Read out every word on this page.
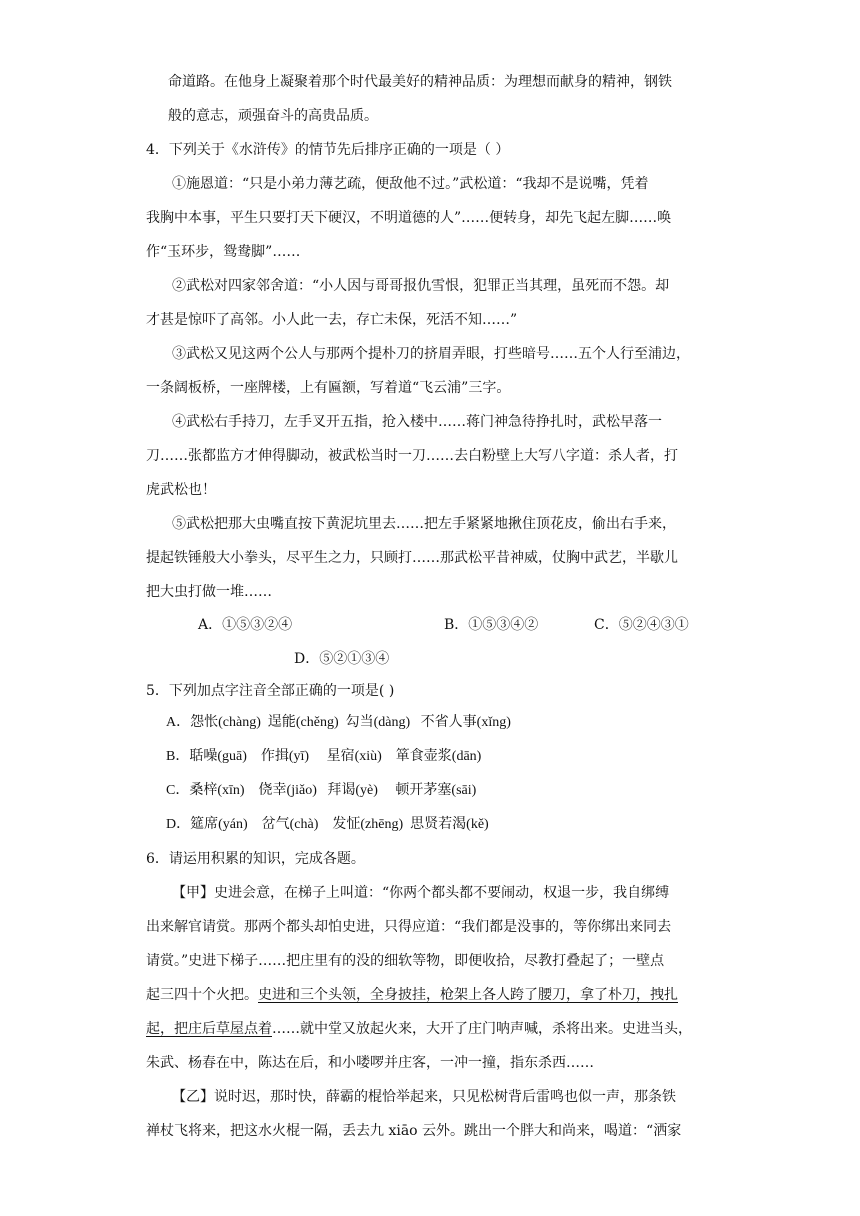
命道路。在他身上凝聚着那个时代最美好的精神品质：为理想而献身的精神，钢铁
般的意志，顽强奋斗的高贵品质。
4．下列关于《水浒传》的情节先后排序正确的一项是（ ）
①施恩道：“只是小弟力薄艺疏，便敌他不过。”武松道：“我却不是说嘴，凭着
我胸中本事，平生只要打天下硬汉，不明道德的人”……便转身，却先飞起左脚……唤
作“玉环步，鸳鸯脚”……
②武松对四家邻舍道：“小人因与哥哥报仇雪恨，犯罪正当其理，虽死而不怨。却
才甚是惊吓了高邻。小人此一去，存亡未保，死活不知……”
③武松又见这两个公人与那两个提朴刀的挤眉弄眼，打些暗号……五个人行至浦边，
一条阔板桥，一座牌楼，上有匾额，写着道“飞云浦”三字。
④武松右手持刀，左手叉开五指，抢入楼中……蒋门神急待挣扎时，武松早落一
刀……张都监方才伸得脚动，被武松当时一刀……去白粉壁上大写八字道：杀人者，打
虎武松也！
⑤武松把那大虫嘴直按下黄泥坑里去……把左手紧紧地揪住顶花皮，偷出右手来，
提起铁锤般大小拳头，尽平生之力，只顾打……那武松平昔神威，仗胸中武艺，半歇儿
把大虫打做一堆……
A．①⑤③②④	B．①⑤③④②	C．⑤②④③①
D．⑤②①③④
5．下列加点字注音全部正确的一项是( )
A．怨怅(chàng)  逞能(chěng)  勾当(dàng)   不省人事(xǐng)
B．聒噪(guā)    作揖(yī)     星宿(xiù)    箪食壶浆(dān)
C．桑梓(xīn)    侥幸(jiǎo)   拜谒(yè)     顿开茅塞(sāi)
D．筵席(yán)    岔气(chà)    发怔(zhēng)  思贤若渴(kě)
6．请运用积累的知识，完成各题。
【甲】史进会意，在梯子上叫道：“你两个都头都不要闹动，权退一步，我自绑缚
出来解官请赏。那两个都头却怕史进，只得应道：“我们都是没事的，等你绑出来同去
请赏。”史进下梯子……把庄里有的没的细软等物，即便收拾，尽教打叠起了；一壁点
起三四十个火把。史进和三个头领，全身披挂，枪架上各人跨了腰刀，拿了朴刀，拽扎
起，把庄后草屋点着……就中堂又放起火来，大开了庄门呐声喊，杀将出来。史进当头，
朱武、杨春在中，陈达在后，和小喽啰并庄客，一冲一撞，指东杀西……
【乙】说时迟，那时快，薛霸的棍恰举起来，只见松树背后雷鸣也似一声，那条铁
禅杖飞将来，把这水火棍一隔，丢去九 xiāo 云外。跳出一个胖大和尚来，喝道：“洒家
